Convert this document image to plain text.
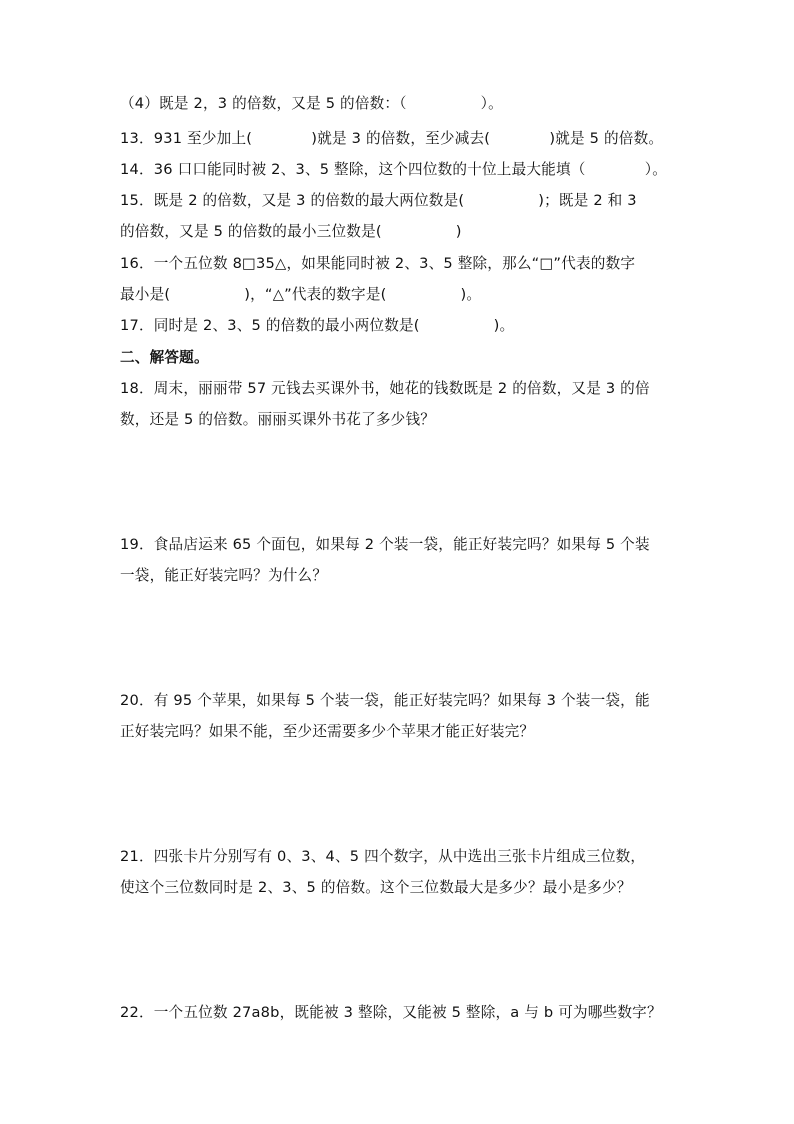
（4）既是 2，3 的倍数，又是 5 的倍数：（　　　　　）。
13．931 至少加上(　　　　)就是 3 的倍数，至少减去(　　　　)就是 5 的倍数。
14．36 口口能同时被 2、3、5 整除，这个四位数的十位上最大能填（　　　　）。
15．既是 2 的倍数，又是 3 的倍数的最大两位数是(　　　　　)；既是 2 和 3
的倍数，又是 5 的倍数的最小三位数是(　　　　　)
16．一个五位数 8□35△，如果能同时被 2、3、5 整除，那么“□”代表的数字
最小是(　　　　　)，“△”代表的数字是(　　　　　)。
17．同时是 2、3、5 的倍数的最小两位数是(　　　　　)。
二、解答题。
18．周末，丽丽带 57 元钱去买课外书，她花的钱数既是 2 的倍数，又是 3 的倍
数，还是 5 的倍数。丽丽买课外书花了多少钱？
19．食品店运来 65 个面包，如果每 2 个装一袋，能正好装完吗？如果每 5 个装
一袋，能正好装完吗？为什么？
20．有 95 个苹果，如果每 5 个装一袋，能正好装完吗？如果每 3 个装一袋，能
正好装完吗？如果不能，至少还需要多少个苹果才能正好装完？
21．四张卡片分别写有 0、3、4、5 四个数字，从中选出三张卡片组成三位数，
使这个三位数同时是 2、3、5 的倍数。这个三位数最大是多少？最小是多少？
22．一个五位数 27a8b，既能被 3 整除，又能被 5 整除，a 与 b 可为哪些数字？
